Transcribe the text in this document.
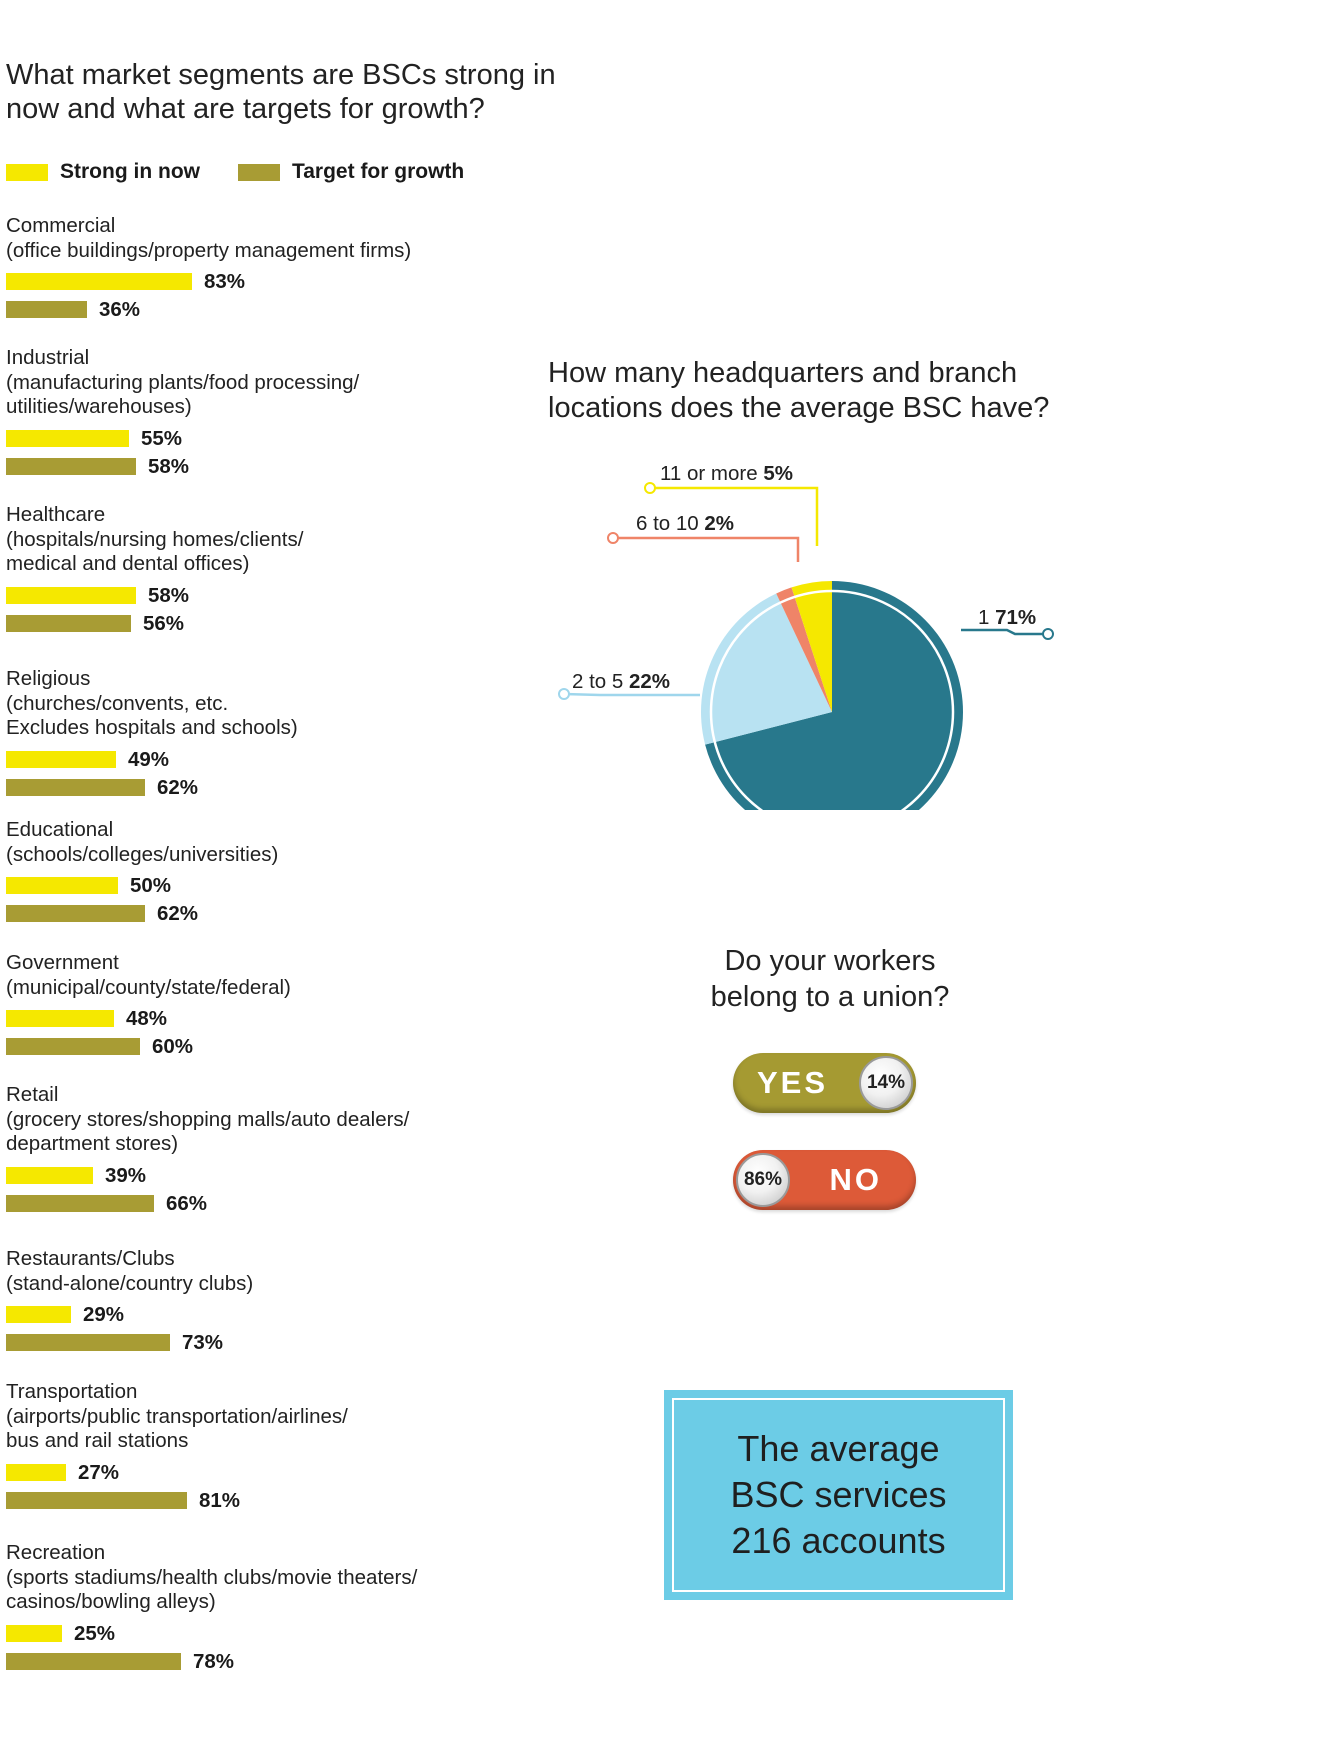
What market segments are BSCs strong in now and what are targets for growth?
Strong in now	Target for growth
Commercial
(office buildings/property management firms)
83%
36%
Industrial
(manufacturing plants/food processing/
utilities/warehouses)
55%
58%
Healthcare
(hospitals/nursing homes/clients/
medical and dental offices)
58%
56%
Religious
(churches/convents, etc.
Excludes hospitals and schools)
49%
62%
Educational
(schools/colleges/universities)
50%
62%
Government
(municipal/county/state/federal)
48%
60%
Retail
(grocery stores/shopping malls/auto dealers/
department stores)
39%
66%
Restaurants/Clubs
(stand-alone/country clubs)
29%
73%
Transportation
(airports/public transportation/airlines/
bus and rail stations
27%
81%
Recreation
(sports stadiums/health clubs/movie theaters/
casinos/bowling alleys)
25%
78%
How many headquarters and branch locations does the average BSC have?
1 71%
2 to 5 22%
6 to 10 2%
11 or more 5%
Do your workers
belong to a union?
YES	14%
86% NO
The average
BSC services
216 accounts
